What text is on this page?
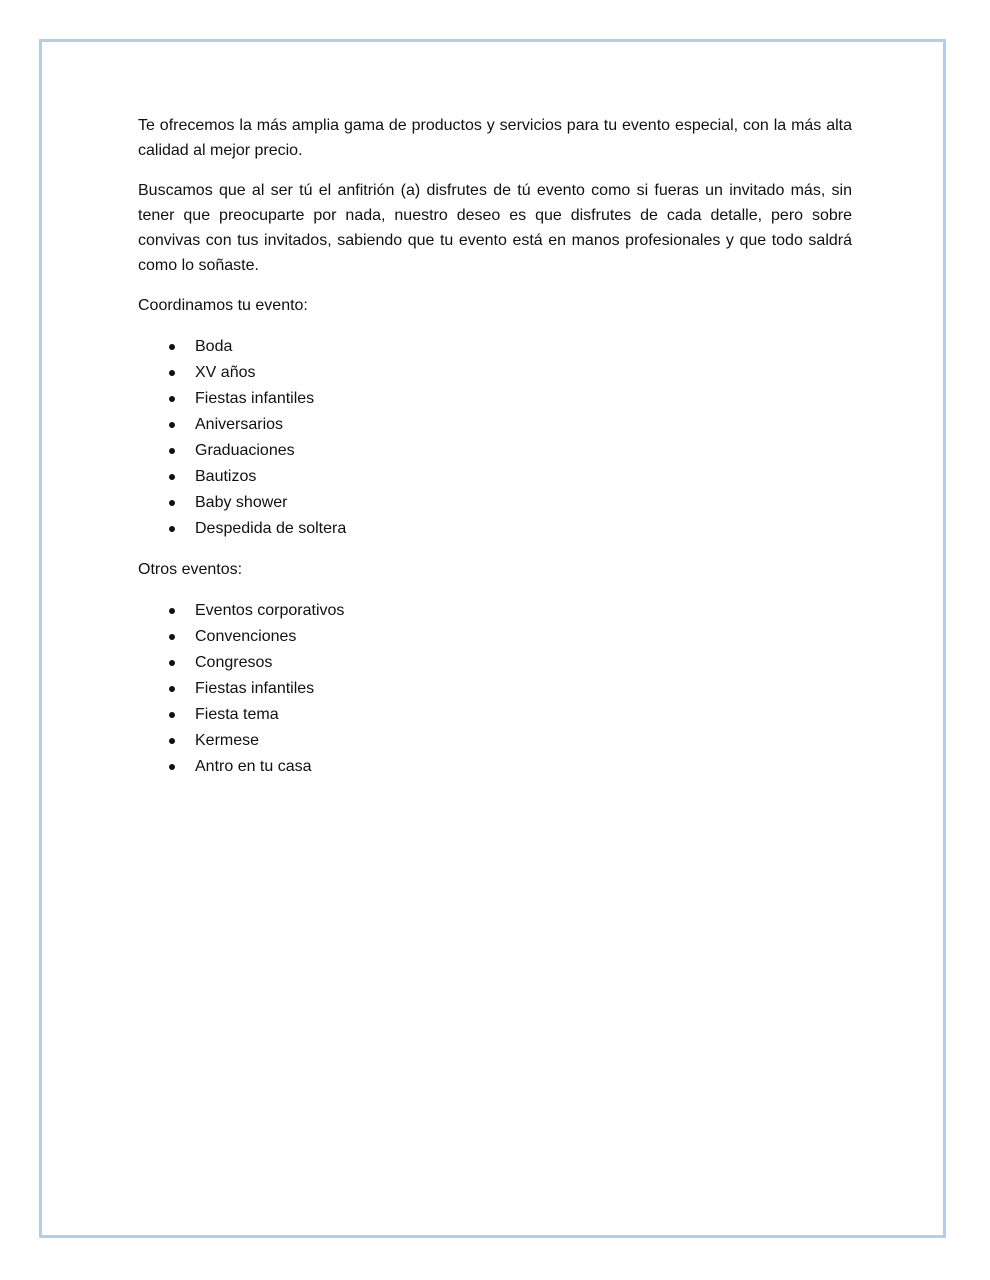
Te ofrecemos la más amplia gama de productos y servicios para tu evento especial, con la más alta calidad al mejor precio.

Buscamos que al ser tú el anfitrión (a) disfrutes de tú evento como si fueras un invitado más, sin tener que preocuparte por nada, nuestro deseo es que disfrutes de cada detalle, pero sobre convivas con tus invitados, sabiendo que tu evento está en manos profesionales y que todo saldrá como lo soñaste.

Coordinamos tu evento:

Boda
XV años
Fiestas infantiles
Aniversarios
Graduaciones
Bautizos
Baby shower
Despedida de soltera

Otros eventos:

Eventos corporativos
Convenciones
Congresos
Fiestas infantiles
Fiesta tema
Kermese
Antro en tu casa
